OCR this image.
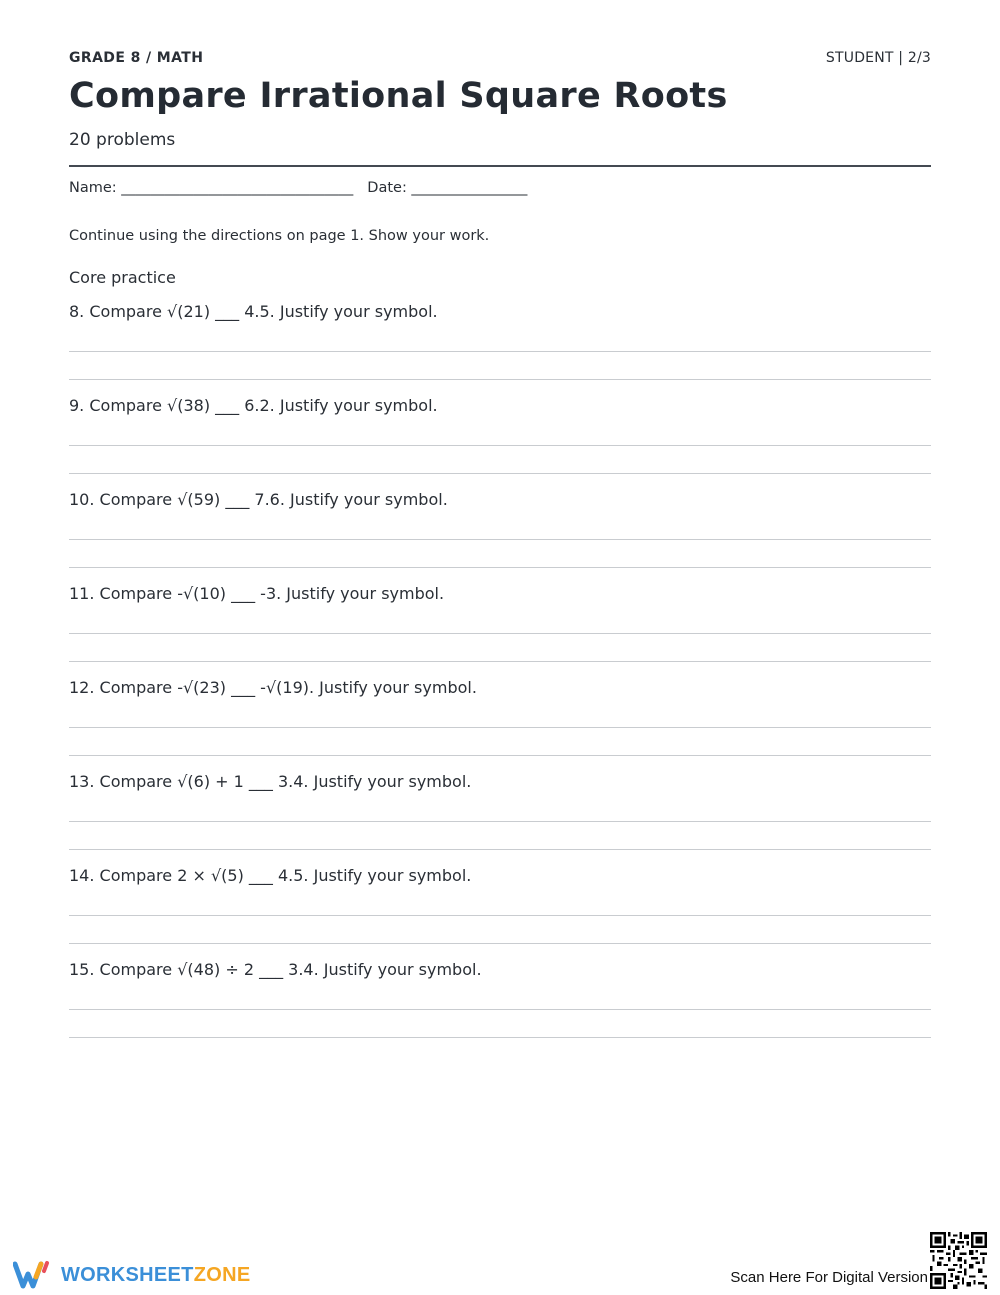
GRADE 8 / MATH	STUDENT | 2/3
Compare Irrational Square Roots
20 problems
Name: ________________________________ Date: ________________
Continue using the directions on page 1. Show your work.
Core practice
8. Compare √(21) ___ 4.5. Justify your symbol.
9. Compare √(38) ___ 6.2. Justify your symbol.
10. Compare √(59) ___ 7.6. Justify your symbol.
11. Compare -√(10) ___ -3. Justify your symbol.
12. Compare -√(23) ___ -√(19). Justify your symbol.
13. Compare √(6) + 1 ___ 3.4. Justify your symbol.
14. Compare 2 × √(5) ___ 4.5. Justify your symbol.
15. Compare √(48) ÷ 2 ___ 3.4. Justify your symbol.
WORKSHEETZONE	Scan Here For Digital Version
